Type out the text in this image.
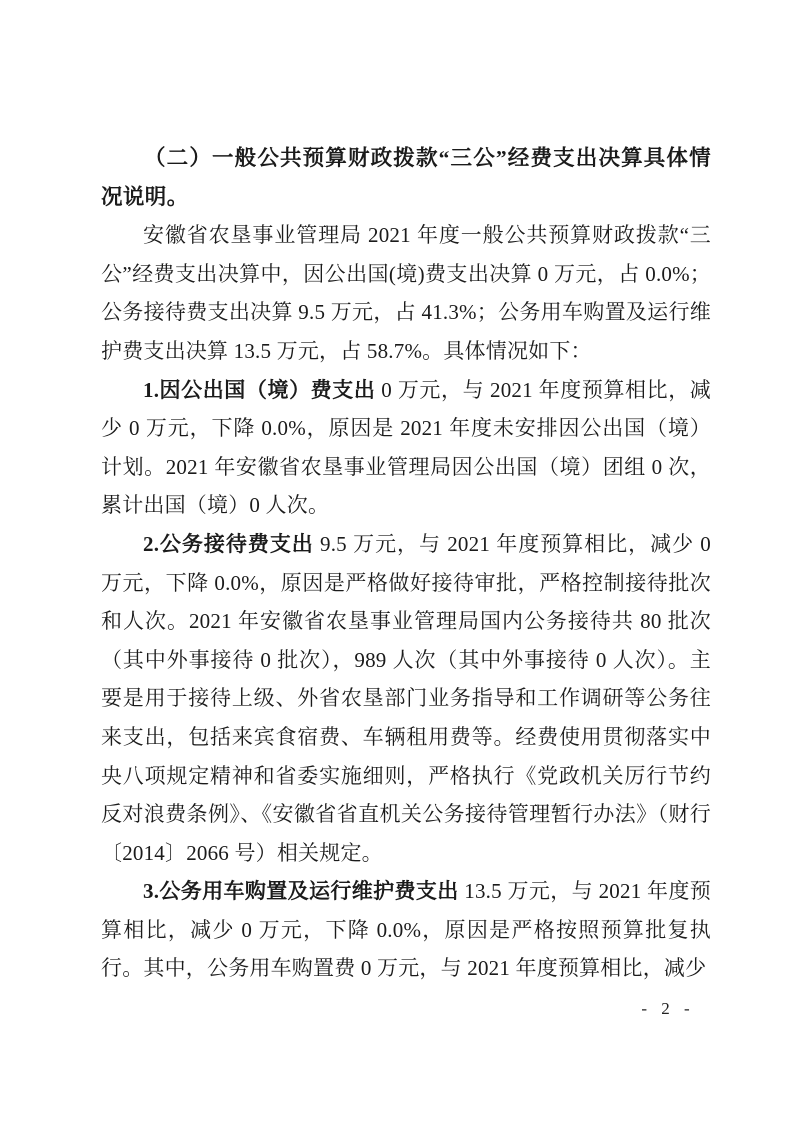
（二）一般公共预算财政拨款“三公”经费支出决算具体情况说明。

安徽省农垦事业管理局 2021 年度一般公共预算财政拨款“三公”经费支出决算中，因公出国(境)费支出决算 0 万元，占 0.0%；公务接待费支出决算 9.5 万元，占 41.3%；公务用车购置及运行维护费支出决算 13.5 万元，占 58.7%。具体情况如下：

1.因公出国（境）费支出 0 万元，与 2021 年度预算相比，减少 0 万元，下降 0.0%，原因是 2021 年度未安排因公出国（境）计划。2021 年安徽省农垦事业管理局因公出国（境）团组 0 次，累计出国（境）0 人次。

2.公务接待费支出 9.5 万元，与 2021 年度预算相比，减少 0 万元，下降 0.0%，原因是严格做好接待审批，严格控制接待批次和人次。2021 年安徽省农垦事业管理局国内公务接待共 80 批次（其中外事接待 0 批次），989 人次（其中外事接待 0 人次）。主要是用于接待上级、外省农垦部门业务指导和工作调研等公务往来支出，包括来宾食宿费、车辆租用费等。经费使用贯彻落实中央八项规定精神和省委实施细则，严格执行《党政机关厉行节约反对浪费条例》、《安徽省省直机关公务接待管理暂行办法》（财行〔2014〕2066 号）相关规定。

3.公务用车购置及运行维护费支出 13.5 万元，与 2021 年度预算相比，减少 0 万元，下降 0.0%，原因是严格按照预算批复执行。其中，公务用车购置费 0 万元，与 2021 年度预算相比，减少

- 2 -
